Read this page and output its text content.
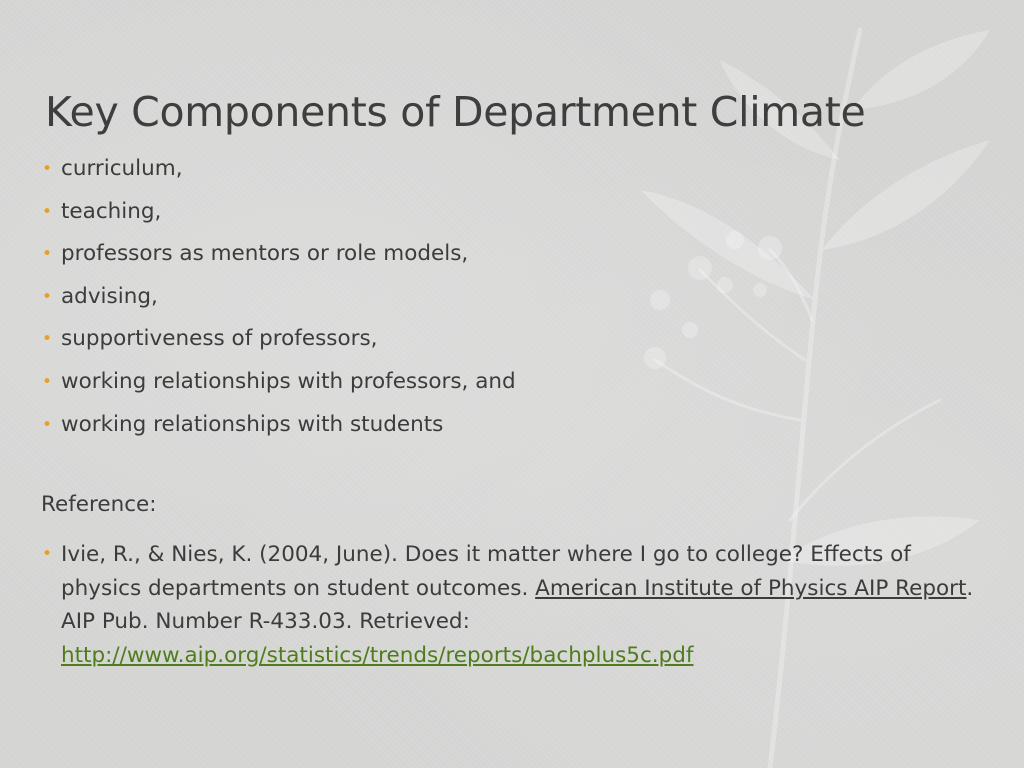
Key Components of Department Climate
• curriculum,
• teaching,
• professors as mentors or role models,
• advising,
• supportiveness of professors,
• working relationships with professors, and
• working relationships with students

Reference:

• Ivie, R., & Nies, K. (2004, June). Does it matter where I go to college? Effects of physics departments on student outcomes. American Institute of Physics AIP Report. AIP Pub. Number R-433.03. Retrieved: http://www.aip.org/statistics/trends/reports/bachplus5c.pdf
